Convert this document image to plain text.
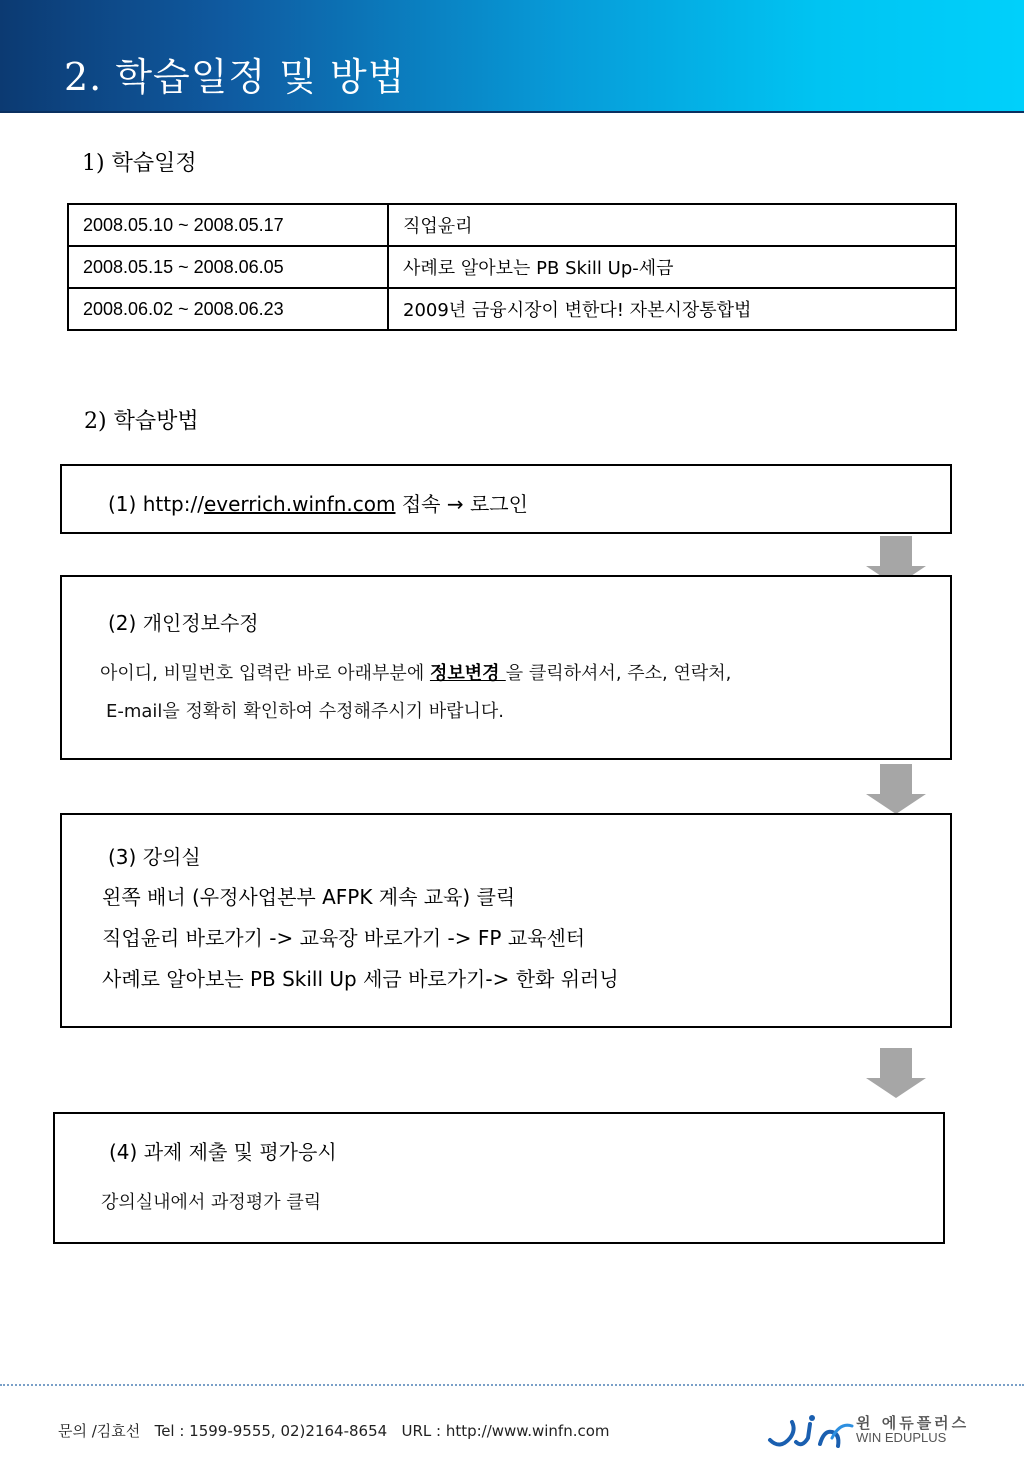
2. 학습일정 및 방법
1) 학습일정
2008.05.10 ~ 2008.05.17	직업윤리
2008.05.15 ~ 2008.06.05	사례로 알아보는 PB Skill Up-세금
2008.06.02 ~ 2008.06.23	2009년 금융시장이 변한다! 자본시장통합법
2) 학습방법
(1) http://everrich.winfn.com 접속 → 로그인
(2) 개인정보수정
아이디, 비밀번호 입력란 바로 아래부분에 정보변경 을 클릭하셔서, 주소, 연락처,
E-mail을 정확히 확인하여 수정해주시기 바랍니다.
(3) 강의실
왼쪽 배너 (우정사업본부 AFPK 계속 교육) 클릭
직업윤리 바로가기 -> 교육장 바로가기 -> FP 교육센터
사례로 알아보는 PB Skill Up 세금 바로가기-> 한화 위러닝
(4) 과제 제출 및 평가응시
강의실내에서 과정평가 클릭
문의 /김효선   Tel : 1599-9555, 02)2164-8654   URL : http://www.winfn.com	윈 에듀플러스
WIN EDUPLUS
